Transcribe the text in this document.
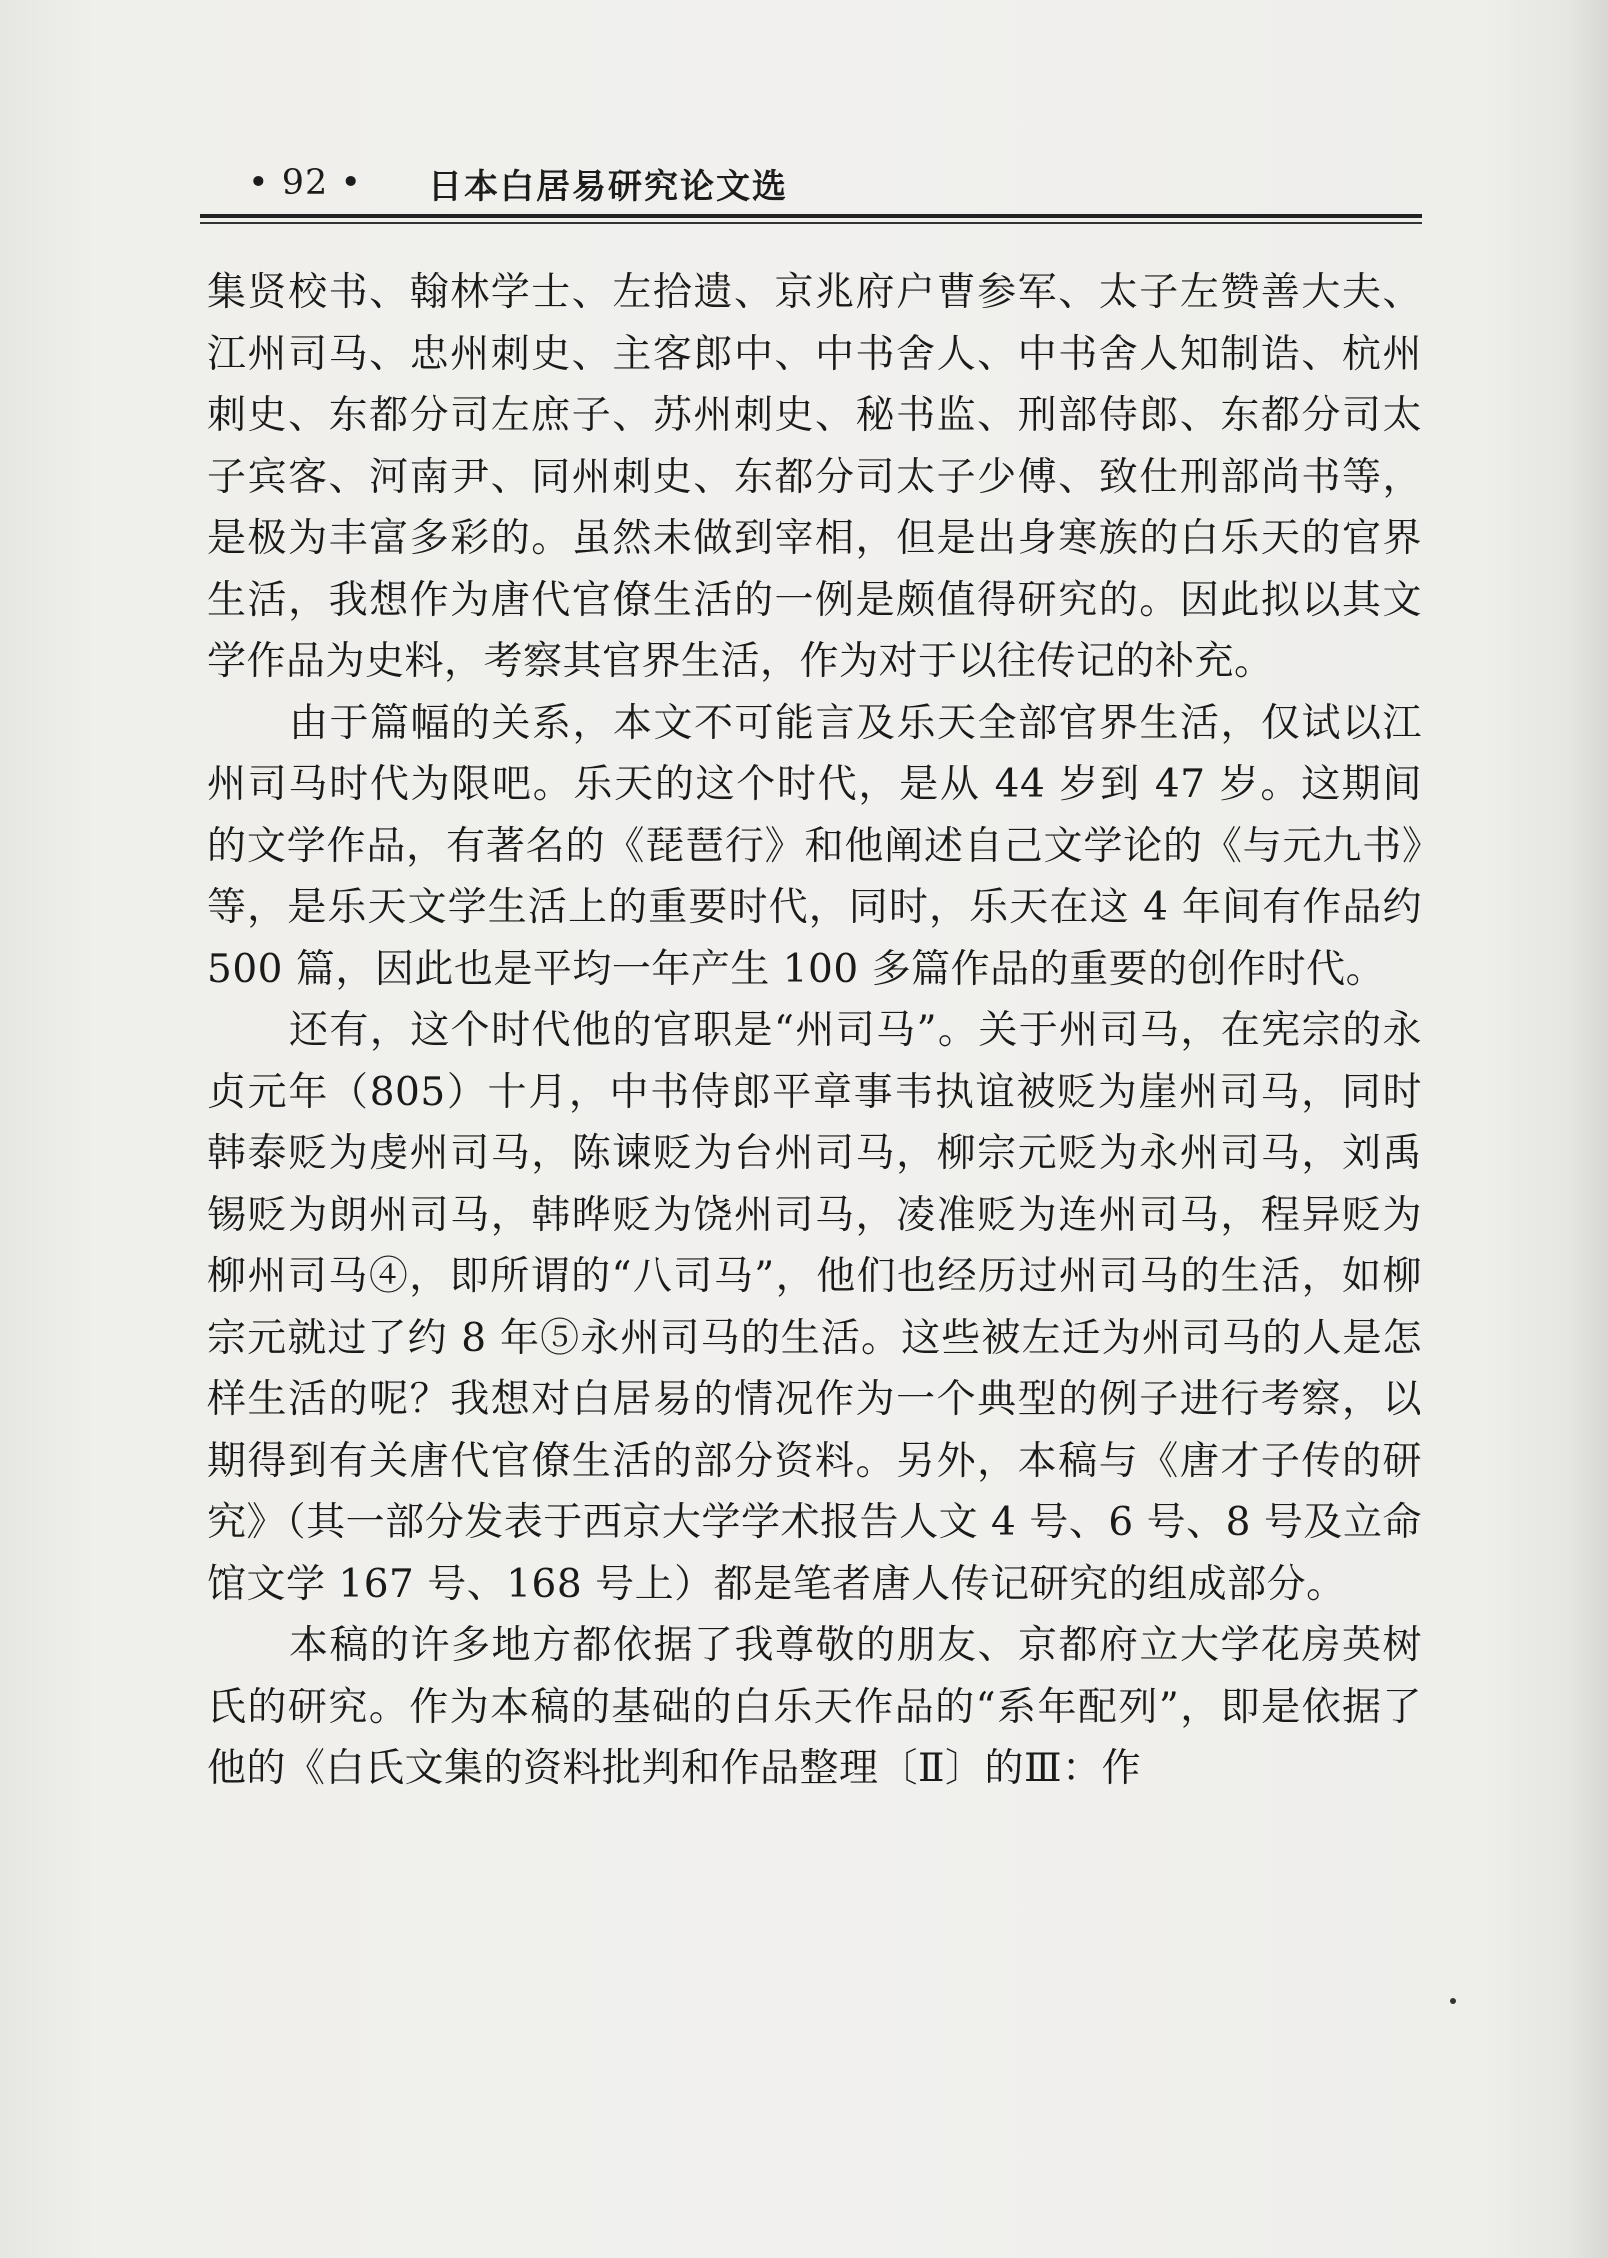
• 92 •	日本白居易研究论文选

集贤校书、翰林学士、左拾遗、京兆府户曹参军、太子左赞善大夫、江州司马、忠州刺史、主客郎中、中书舍人、中书舍人知制诰、杭州刺史、东都分司左庶子、苏州刺史、秘书监、刑部侍郎、东都分司太子宾客、河南尹、同州刺史、东都分司太子少傅、致仕刑部尚书等，是极为丰富多彩的。虽然未做到宰相，但是出身寒族的白乐天的官界生活，我想作为唐代官僚生活的一例是颇值得研究的。因此拟以其文学作品为史料，考察其官界生活，作为对于以往传记的补充。

由于篇幅的关系，本文不可能言及乐天全部官界生活，仅试以江州司马时代为限吧。乐天的这个时代，是从 44 岁到 47 岁。这期间的文学作品，有著名的《琵琶行》和他阐述自己文学论的《与元九书》等，是乐天文学生活上的重要时代，同时，乐天在这 4 年间有作品约 500 篇，因此也是平均一年产生 100 多篇作品的重要的创作时代。

还有，这个时代他的官职是“州司马”。关于州司马，在宪宗的永贞元年（805）十月，中书侍郎平章事韦执谊被贬为崖州司马，同时韩泰贬为虔州司马，陈谏贬为台州司马，柳宗元贬为永州司马，刘禹锡贬为朗州司马，韩晔贬为饶州司马，凌准贬为连州司马，程异贬为柳州司马④，即所谓的“八司马”，他们也经历过州司马的生活，如柳宗元就过了约 8 年⑤永州司马的生活。这些被左迁为州司马的人是怎样生活的呢？我想对白居易的情况作为一个典型的例子进行考察，以期得到有关唐代官僚生活的部分资料。另外，本稿与《唐才子传的研究》（其一部分发表于西京大学学术报告人文 4 号、6 号、8 号及立命馆文学 167 号、168 号上）都是笔者唐人传记研究的组成部分。

本稿的许多地方都依据了我尊敬的朋友、京都府立大学花房英树氏的研究。作为本稿的基础的白乐天作品的“系年配列”，即是依据了他的《白氏文集的资料批判和作品整理〔Ⅱ〕的Ⅲ：作
